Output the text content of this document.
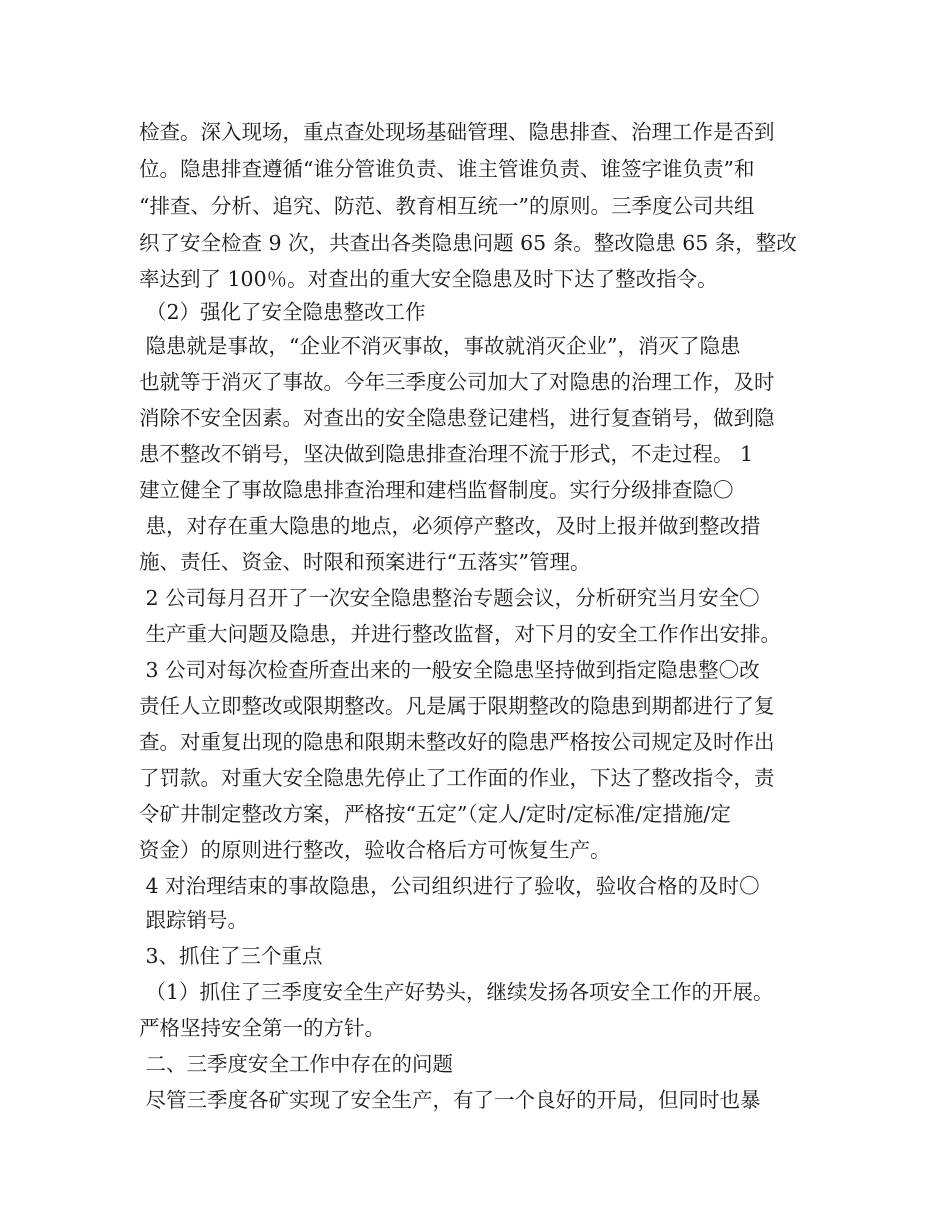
检查。深入现场，重点查处现场基础管理、隐患排查、治理工作是否到
位。隐患排查遵循“谁分管谁负责、谁主管谁负责、谁签字谁负责”和
“排查、分析、追究、防范、教育相互统一”的原则。三季度公司共组
织了安全检查 9 次，共查出各类隐患问题 65 条。整改隐患 65 条，整改
率达到了 100％。对查出的重大安全隐患及时下达了整改指令。
（2）强化了安全隐患整改工作
隐患就是事故，“企业不消灭事故，事故就消灭企业”，消灭了隐患
也就等于消灭了事故。今年三季度公司加大了对隐患的治理工作，及时
消除不安全因素。对查出的安全隐患登记建档，进行复查销号，做到隐
患不整改不销号，坚决做到隐患排查治理不流于形式，不走过程。 1
建立健全了事故隐患排查治理和建档监督制度。实行分级排查隐〇
患，对存在重大隐患的地点，必须停产整改，及时上报并做到整改措
施、责任、资金、时限和预案进行“五落实”管理。
2 公司每月召开了一次安全隐患整治专题会议，分析研究当月安全〇
生产重大问题及隐患，并进行整改监督，对下月的安全工作作出安排。
3 公司对每次检查所查出来的一般安全隐患坚持做到指定隐患整〇改
责任人立即整改或限期整改。凡是属于限期整改的隐患到期都进行了复
查。对重复出现的隐患和限期未整改好的隐患严格按公司规定及时作出
了罚款。对重大安全隐患先停止了工作面的作业，下达了整改指令，责
令矿井制定整改方案，严格按“五定”（定人/定时/定标准/定措施/定
资金）的原则进行整改，验收合格后方可恢复生产。
4 对治理结束的事故隐患，公司组织进行了验收，验收合格的及时〇
跟踪销号。
3、抓住了三个重点
（1）抓住了三季度安全生产好势头，继续发扬各项安全工作的开展。
严格坚持安全第一的方针。
二、三季度安全工作中存在的问题
尽管三季度各矿实现了安全生产，有了一个良好的开局，但同时也暴
